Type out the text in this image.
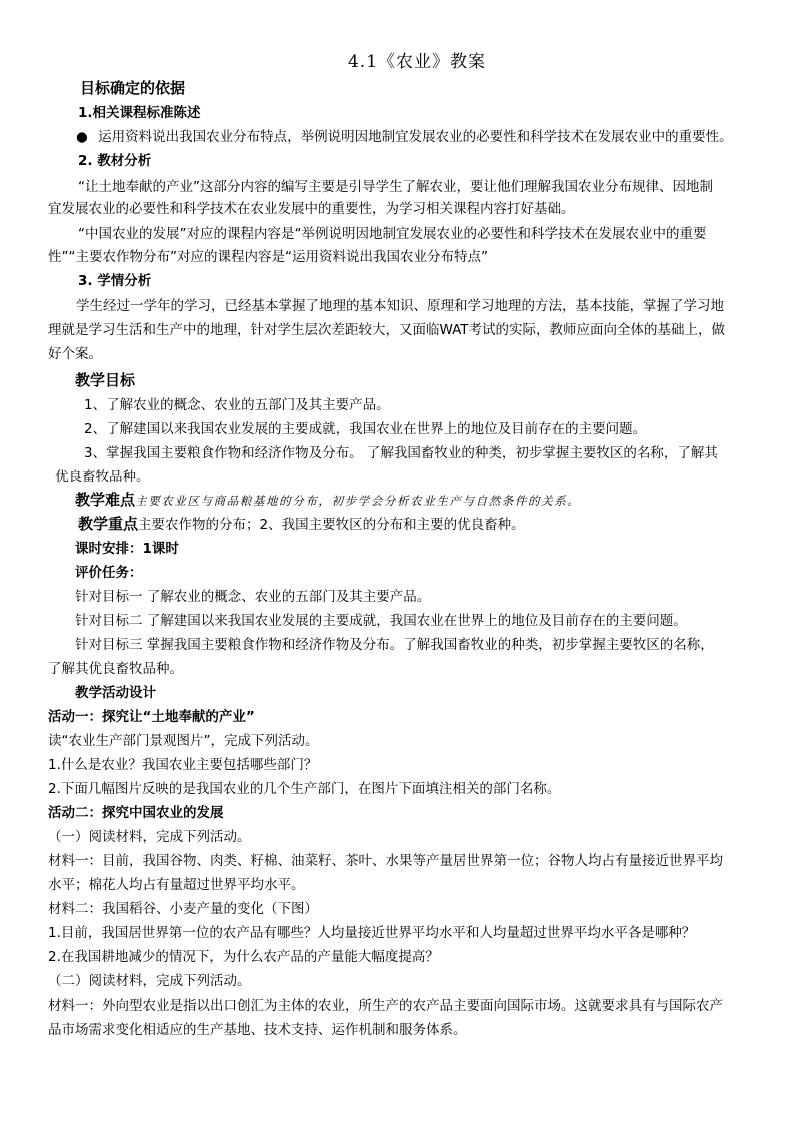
4.1《农业》教案
目标确定的依据
1.相关课程标准陈述
● 运用资料说出我国农业分布特点，举例说明因地制宜发展农业的必要性和科学技术在发展农业中的重要性。
2. 教材分析
“让土地奉献的产业”这部分内容的编写主要是引导学生了解农业，要让他们理解我国农业分布规律、因地制
宜发展农业的必要性和科学技术在农业发展中的重要性，为学习相关课程内容打好基础。
“中国农业的发展”对应的课程内容是“举例说明因地制宜发展农业的必要性和科学技术在发展农业中的重要
性”“主要农作物分布”对应的课程内容是“运用资料说出我国农业分布特点”
3. 学情分析
学生经过一学年的学习，已经基本掌握了地理的基本知识、原理和学习地理的方法，基本技能，掌握了学习地
理就是学习生活和生产中的地理，针对学生层次差距较大，又面临WAT考试的实际，教师应面向全体的基础上，做
好个案。
教学目标
1、了解农业的概念、农业的五部门及其主要产品。
2、了解建国以来我国农业发展的主要成就，我国农业在世界上的地位及目前存在的主要问题。
3、掌握我国主要粮食作物和经济作物及分布。 了解我国畜牧业的种类，初步掌握主要牧区的名称，了解其
优良畜牧品种。
教学难点主要农业区与商品粮基地的分布，初步学会分析农业生产与自然条件的关系。
教学重点主要农作物的分布；2、我国主要牧区的分布和主要的优良畜种。
课时安排：1课时
评价任务：
针对目标一 了解农业的概念、农业的五部门及其主要产品。
针对目标二 了解建国以来我国农业发展的主要成就，我国农业在世界上的地位及目前存在的主要问题。
针对目标三 掌握我国主要粮食作物和经济作物及分布。了解我国畜牧业的种类，初步掌握主要牧区的名称，
了解其优良畜牧品种。
教学活动设计
活动一：探究让“土地奉献的产业”
读“农业生产部门景观图片”，完成下列活动。
1.什么是农业？我国农业主要包括哪些部门？
2.下面几幅图片反映的是我国农业的几个生产部门，在图片下面填注相关的部门名称。
活动二：探究中国农业的发展
（一）阅读材料，完成下列活动。
材料一：目前，我国谷物、肉类、籽棉、油菜籽、茶叶、水果等产量居世界第一位；谷物人均占有量接近世界平均
水平；棉花人均占有量超过世界平均水平。
材料二：我国稻谷、小麦产量的变化（下图）
1.目前，我国居世界第一位的农产品有哪些？人均量接近世界平均水平和人均量超过世界平均水平各是哪种？
2.在我国耕地减少的情况下，为什么农产品的产量能大幅度提高？
（二）阅读材料，完成下列活动。
材料一：外向型农业是指以出口创汇为主体的农业，所生产的农产品主要面向国际市场。这就要求具有与国际农产
品市场需求变化相适应的生产基地、技术支持、运作机制和服务体系。
